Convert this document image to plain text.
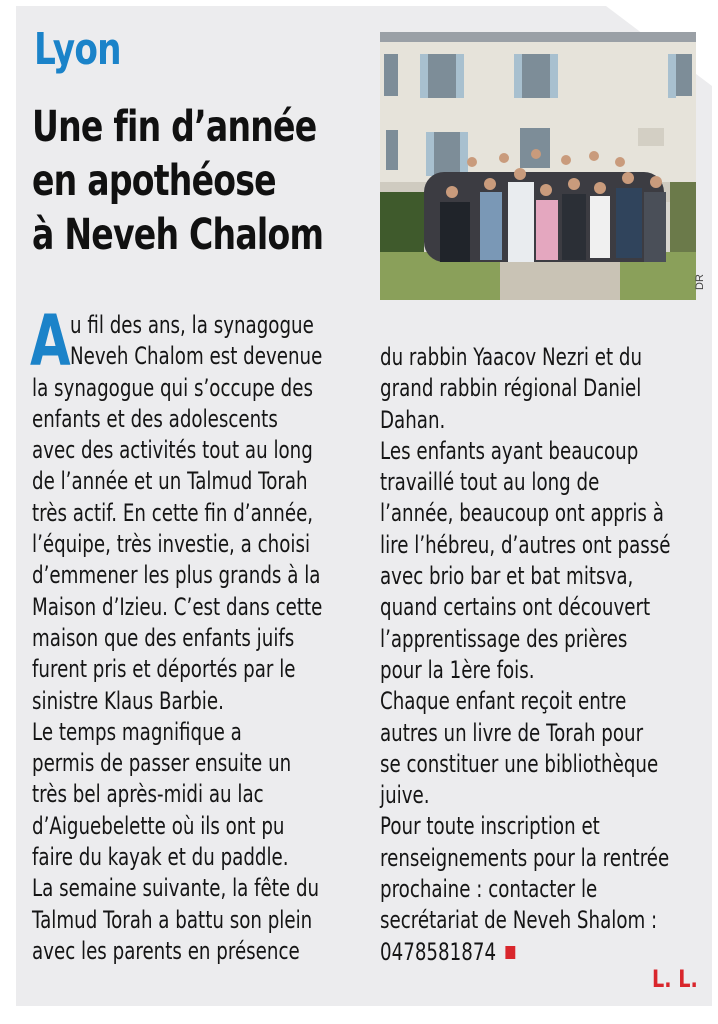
Lyon
Une fin d’année
en apothéose
à Neveh Chalom
DR
A u fil des ans, la synagogue
Neveh Chalom est devenue
la synagogue qui s’occupe des
enfants et des adolescents
avec des activités tout au long
de l’année et un Talmud Torah
très actif. En cette fin d’année,
l’équipe, très investie, a choisi
d’emmener les plus grands à la
Maison d’Izieu. C’est dans cette
maison que des enfants juifs
furent pris et déportés par le
sinistre Klaus Barbie.
Le temps magnifique a
permis de passer ensuite un
très bel après-midi au lac
d’Aiguebelette où ils ont pu
faire du kayak et du paddle.
La semaine suivante, la fête du
Talmud Torah a battu son plein
avec les parents en présence
du rabbin Yaacov Nezri et du
grand rabbin régional Daniel
Dahan.
Les enfants ayant beaucoup
travaillé tout au long de
l’année, beaucoup ont appris à
lire l’hébreu, d’autres ont passé
avec brio bar et bat mitsva,
quand certains ont découvert
l’apprentissage des prières
pour la 1ère fois.
Chaque enfant reçoit entre
autres un livre de Torah pour
se constituer une bibliothèque
juive.
Pour toute inscription et
renseignements pour la rentrée
prochaine : contacter le
secrétariat de Neveh Shalom :
0478581874
L. L.
